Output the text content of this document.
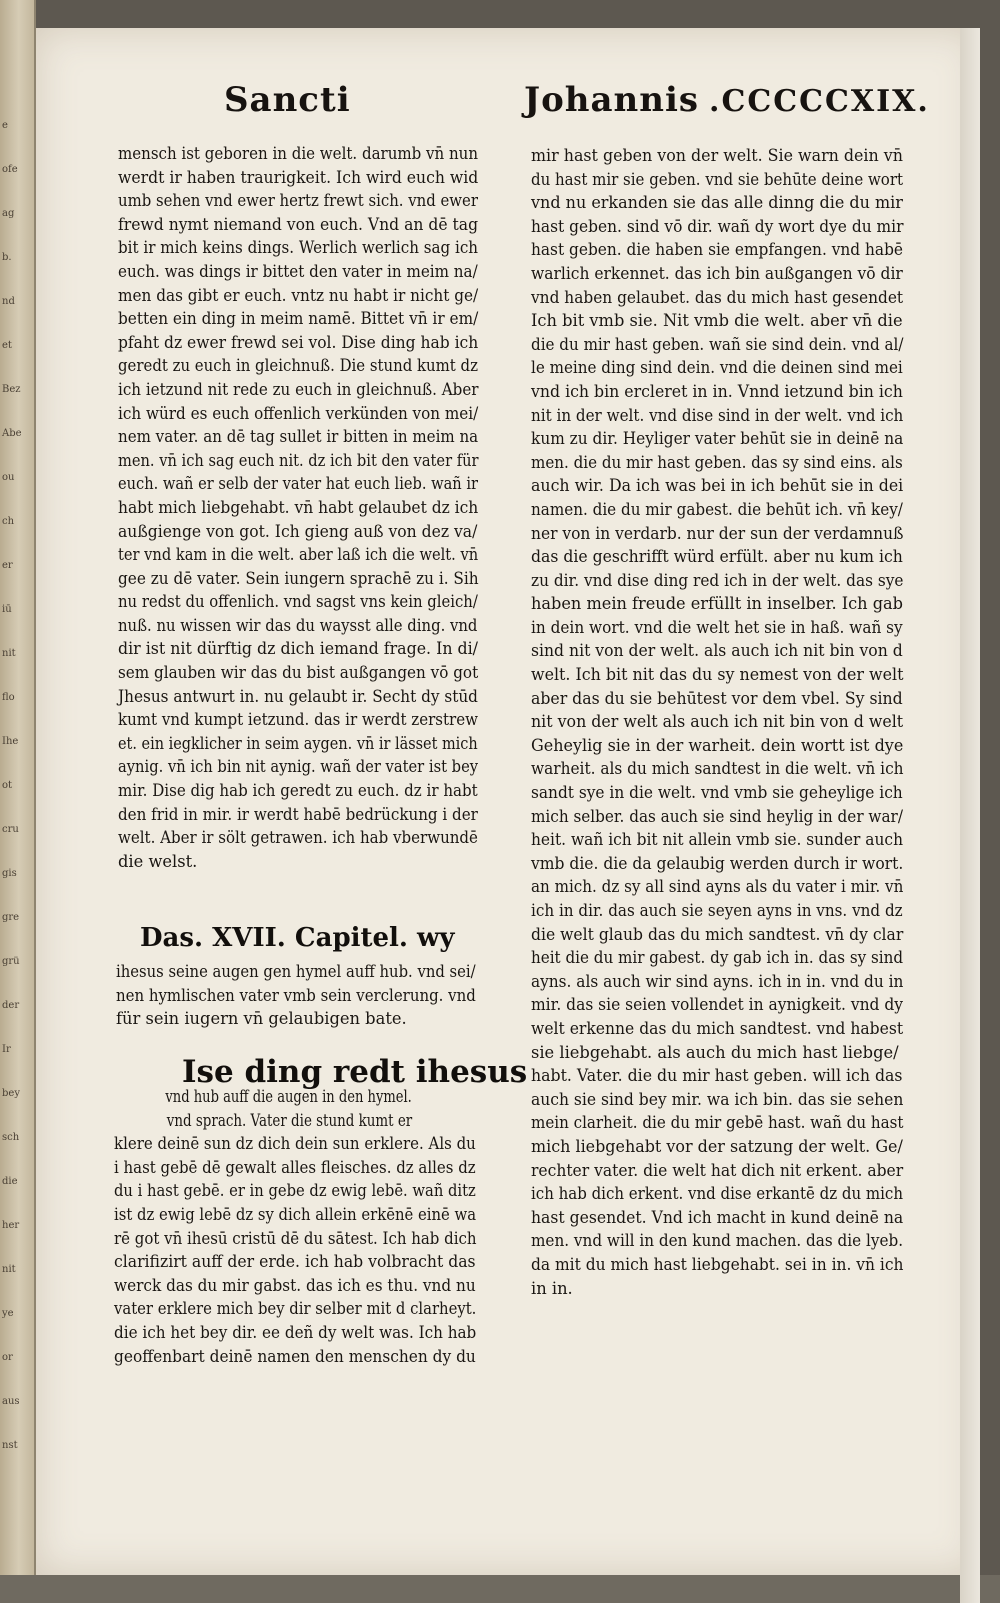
e
ofe
ag
b.
nd
et
Bez
Abe
ou
ch
er
iū
nit
flo
Ihe
ot
cru
gis
gre
grü
der
Ir
bey
sch
die
her
nit
ye
or
aus
nst
Sancti	Johannis .CCCCCXIX.
mensch ist geboren in die welt. darumb vn̄ nun
werdt ir haben traurigkeit. Ich wird euch wid
umb sehen vnd ewer hertz frewt sich. vnd ewer
frewd nymt niemand von euch. Vnd an dē tag
bit ir mich keins dings. Werlich werlich sag ich
euch. was dings ir bittet den vater in meim na/
men das gibt er euch. vntz nu habt ir nicht ge/
betten ein ding in meim namē. Bittet vn̄ ir em/
pfaht dz ewer frewd sei vol. Dise ding hab ich
geredt zu euch in gleichnuß. Die stund kumt dz
ich ietzund nit rede zu euch in gleichnuß. Aber
ich würd es euch offenlich verkünden von mei/
nem vater. an dē tag sullet ir bitten in meim na
men. vn̄ ich sag euch nit. dz ich bit den vater für
euch. wañ er selb der vater hat euch lieb. wañ ir
habt mich liebgehabt. vn̄ habt gelaubet dz ich
außgienge von got. Ich gieng auß von dez va/
ter vnd kam in die welt. aber laß ich die welt. vn̄
gee zu dē vater. Sein iungern sprachē zu i. Sih
nu redst du offenlich. vnd sagst vns kein gleich/
nuß. nu wissen wir das du waysst alle ding. vnd
dir ist nit dürftig dz dich iemand frage. In di/
sem glauben wir das du bist außgangen vō got
Jhesus antwurt in. nu gelaubt ir. Secht dy stūd
kumt vnd kumpt ietzund. das ir werdt zerstrew
et. ein iegklicher in seim aygen. vn̄ ir lässet mich
aynig. vn̄ ich bin nit aynig. wañ der vater ist bey
mir. Dise dig hab ich geredt zu euch. dz ir habt
den frid in mir. ir werdt habē bedrückung i der
welt. Aber ir sölt getrawen. ich hab vberwundē
die welst.
Das. XVII. Capitel. wy
ihesus seine augen gen hymel auff hub. vnd sei/
nen hymlischen vater vmb sein verclerung. vnd
für sein iugern vn̄ gelaubigen bate.
Ise ding redt ihesus
vnd hub auff die augen in den hymel.
vnd sprach. Vater die stund kumt er
klere deinē sun dz dich dein sun erklere. Als du
i hast gebē dē gewalt alles fleisches. dz alles dz
du i hast gebē. er in gebe dz ewig lebē. wañ ditz
ist dz ewig lebē dz sy dich allein erkēnē einē wa
rē got vn̄ ihesū cristū dē du sātest. Ich hab dich
clarifizirt auff der erde. ich hab volbracht das
werck das du mir gabst. das ich es thu. vnd nu
vater erklere mich bey dir selber mit d clarheyt.
die ich het bey dir. ee deñ dy welt was. Ich hab
geoffenbart deinē namen den menschen dy du
mir hast geben von der welt. Sie warn dein vn̄
du hast mir sie geben. vnd sie behūte deine wort
vnd nu erkanden sie das alle dinng die du mir
hast geben. sind vō dir. wañ dy wort dye du mir
hast geben. die haben sie empfangen. vnd habē
warlich erkennet. das ich bin außgangen vō dir
vnd haben gelaubet. das du mich hast gesendet
Ich bit vmb sie. Nit vmb die welt. aber vn̄ die
die du mir hast geben. wañ sie sind dein. vnd al/
le meine ding sind dein. vnd die deinen sind mei
vnd ich bin ercleret in in. Vnnd ietzund bin ich
nit in der welt. vnd dise sind in der welt. vnd ich
kum zu dir. Heyliger vater behūt sie in deinē na
men. die du mir hast geben. das sy sind eins. als
auch wir. Da ich was bei in ich behūt sie in dei
namen. die du mir gabest. die behūt ich. vn̄ key/
ner von in verdarb. nur der sun der verdamnuß
das die geschrifft würd erfült. aber nu kum ich
zu dir. vnd dise ding red ich in der welt. das sye
haben mein freude erfüllt in inselber. Ich gab
in dein wort. vnd die welt het sie in haß. wañ sy
sind nit von der welt. als auch ich nit bin von d
welt. Ich bit nit das du sy nemest von der welt
aber das du sie behūtest vor dem vbel. Sy sind
nit von der welt als auch ich nit bin von d welt
Geheylig sie in der warheit. dein wortt ist dye
warheit. als du mich sandtest in die welt. vn̄ ich
sandt sye in die welt. vnd vmb sie geheylige ich
mich selber. das auch sie sind heylig in der war/
heit. wañ ich bit nit allein vmb sie. sunder auch
vmb die. die da gelaubig werden durch ir wort.
an mich. dz sy all sind ayns als du vater i mir. vn̄
ich in dir. das auch sie seyen ayns in vns. vnd dz
die welt glaub das du mich sandtest. vn̄ dy clar
heit die du mir gabest. dy gab ich in. das sy sind
ayns. als auch wir sind ayns. ich in in. vnd du in
mir. das sie seien vollendet in aynigkeit. vnd dy
welt erkenne das du mich sandtest. vnd habest
sie liebgehabt. als auch du mich hast liebge/
habt. Vater. die du mir hast geben. will ich das
auch sie sind bey mir. wa ich bin. das sie sehen
mein clarheit. die du mir gebē hast. wañ du hast
mich liebgehabt vor der satzung der welt. Ge/
rechter vater. die welt hat dich nit erkent. aber
ich hab dich erkent. vnd dise erkantē dz du mich
hast gesendet. Vnd ich macht in kund deinē na
men. vnd will in den kund machen. das die lyeb.
da mit du mich hast liebgehabt. sei in in. vn̄ ich
in in.
